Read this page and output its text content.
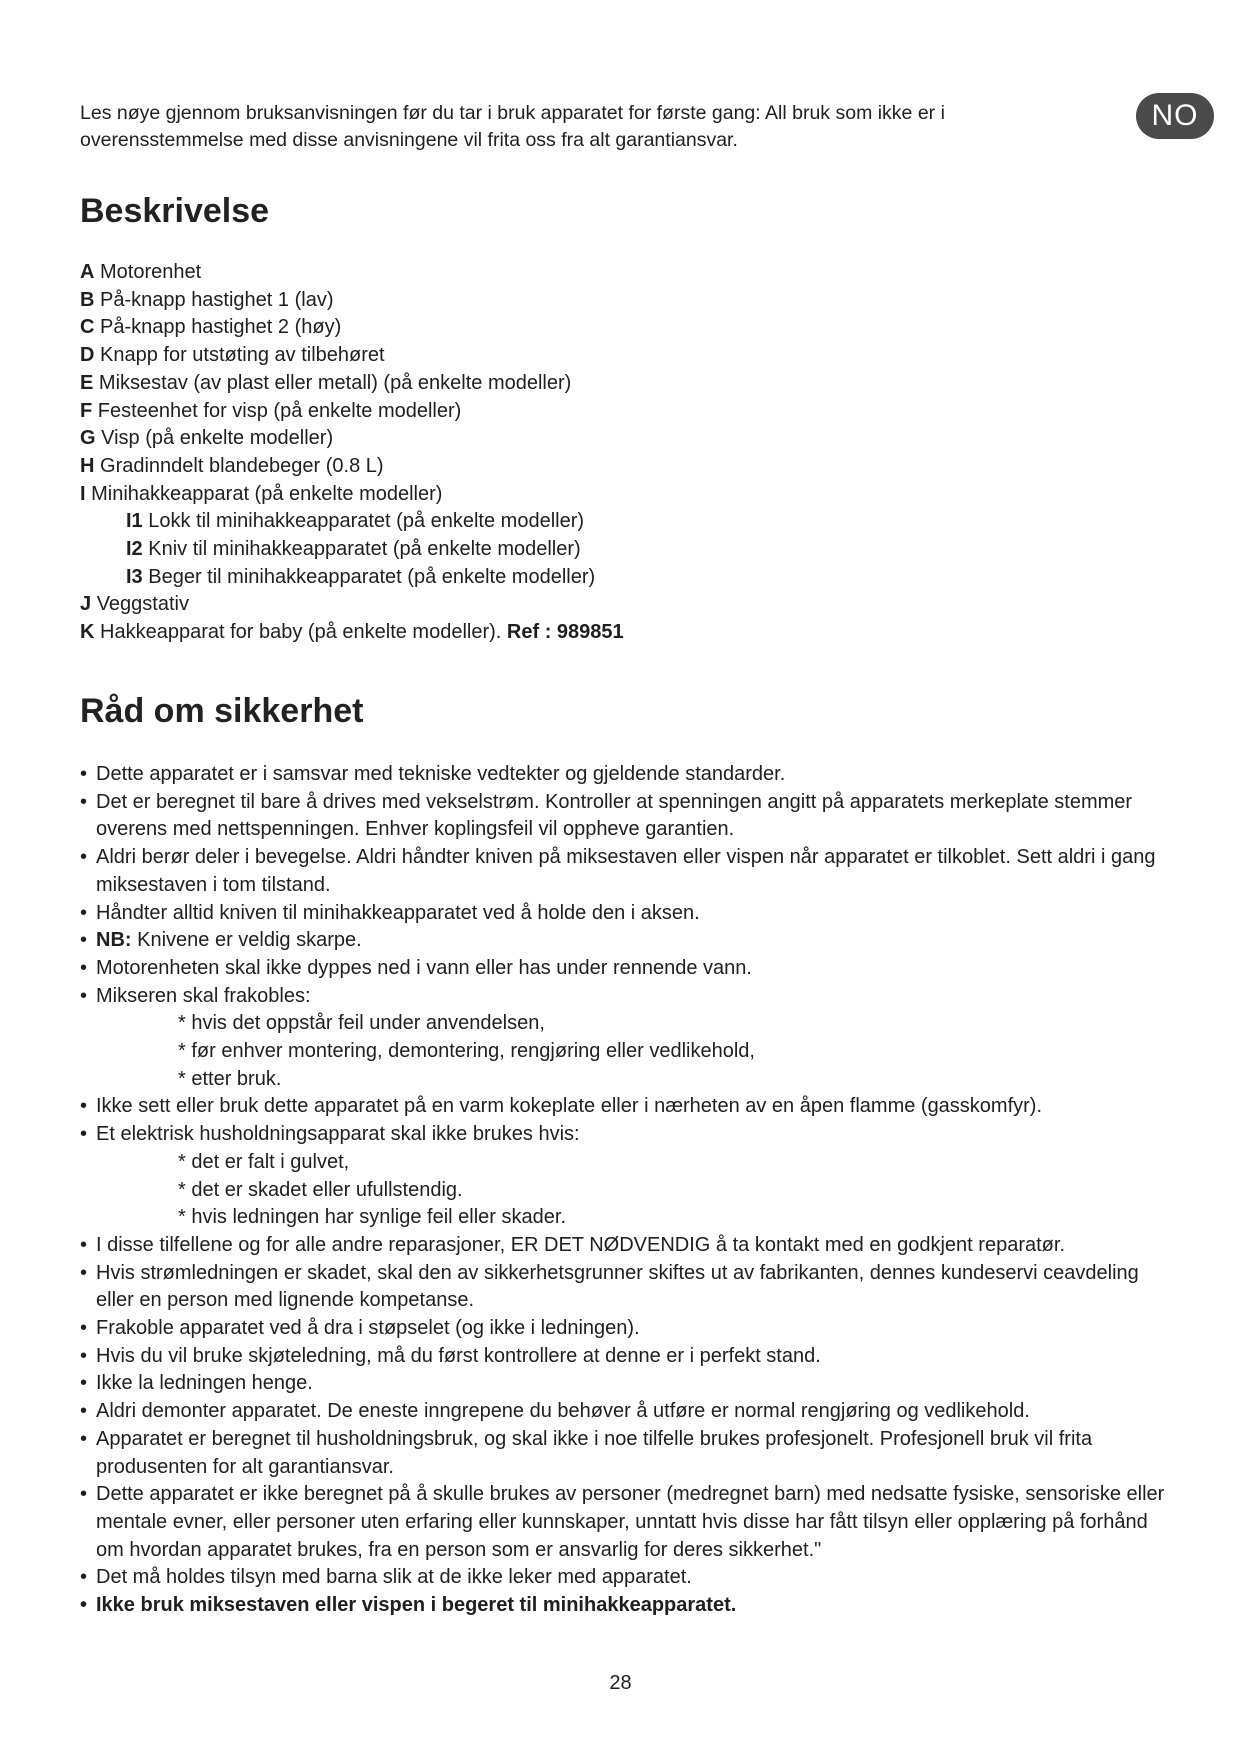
NO

Les nøye gjennom bruksanvisningen før du tar i bruk apparatet for første gang: All bruk som ikke er i overensstemmelse med disse anvisningene vil frita oss fra alt garantiansvar.

Beskrivelse
A Motorenhet
B På-knapp hastighet 1 (lav)
C På-knapp hastighet 2 (høy)
D Knapp for utstøting av tilbehøret
E Miksestav (av plast eller metall) (på enkelte modeller)
F Festeenhet for visp (på enkelte modeller)
G Visp (på enkelte modeller)
H Gradinndelt blandebeger (0.8 L)
I Minihakkeapparat (på enkelte modeller)
I1 Lokk til minihakkeapparatet (på enkelte modeller)
I2 Kniv til minihakkeapparatet (på enkelte modeller)
I3 Beger til minihakkeapparatet (på enkelte modeller)
J Veggstativ
K Hakkeapparat for baby (på enkelte modeller). Ref : 989851
Råd om sikkerhet
• Dette apparatet er i samsvar med tekniske vedtekter og gjeldende standarder.
• Det er beregnet til bare å drives med vekselstrøm. Kontroller at spenningen angitt på apparatets merkeplate stemmer overens med nettspenningen. Enhver koplingsfeil vil oppheve garantien.
• Aldri berør deler i bevegelse. Aldri håndter kniven på miksestaven eller vispen når apparatet er tilkoblet. Sett aldri i gang miksestaven i tom tilstand.
• Håndter alltid kniven til minihakkeapparatet ved å holde den i aksen.
• NB: Knivene er veldig skarpe.
• Motorenheten skal ikke dyppes ned i vann eller has under rennende vann.
• Mikseren skal frakobles:
* hvis det oppstår feil under anvendelsen,
* før enhver montering, demontering, rengjøring eller vedlikehold,
* etter bruk.
• Ikke sett eller bruk dette apparatet på en varm kokeplate eller i nærheten av en åpen flamme (gasskomfyr).
• Et elektrisk husholdningsapparat skal ikke brukes hvis:
* det er falt i gulvet,
* det er skadet eller ufullstendig.
* hvis ledningen har synlige feil eller skader.
• I disse tilfellene og for alle andre reparasjoner, ER DET NØDVENDIG å ta kontakt med en godkjent reparatør.
• Hvis strømledningen er skadet, skal den av sikkerhetsgrunner skiftes ut av fabrikanten, dennes kundeservi ceavdeling eller en person med lignende kompetanse.
• Frakoble apparatet ved å dra i støpselet (og ikke i ledningen).
• Hvis du vil bruke skjøteledning, må du først kontrollere at denne er i perfekt stand.
• Ikke la ledningen henge.
• Aldri demonter apparatet. De eneste inngrepene du behøver å utføre er normal rengjøring og vedlikehold.
• Apparatet er beregnet til husholdningsbruk, og skal ikke i noe tilfelle brukes profesjonelt. Profesjonell bruk vil frita produsenten for alt garantiansvar.
• Dette apparatet er ikke beregnet på å skulle brukes av personer (medregnet barn) med nedsatte fysiske, sensoriske eller mentale evner, eller personer uten erfaring eller kunnskaper, unntatt hvis disse har fått tilsyn eller opplæring på forhånd om hvordan apparatet brukes, fra en person som er ansvarlig for deres sikkerhet."
• Det må holdes tilsyn med barna slik at de ikke leker med apparatet.
• Ikke bruk miksestaven eller vispen i begeret til minihakkeapparatet.
28
